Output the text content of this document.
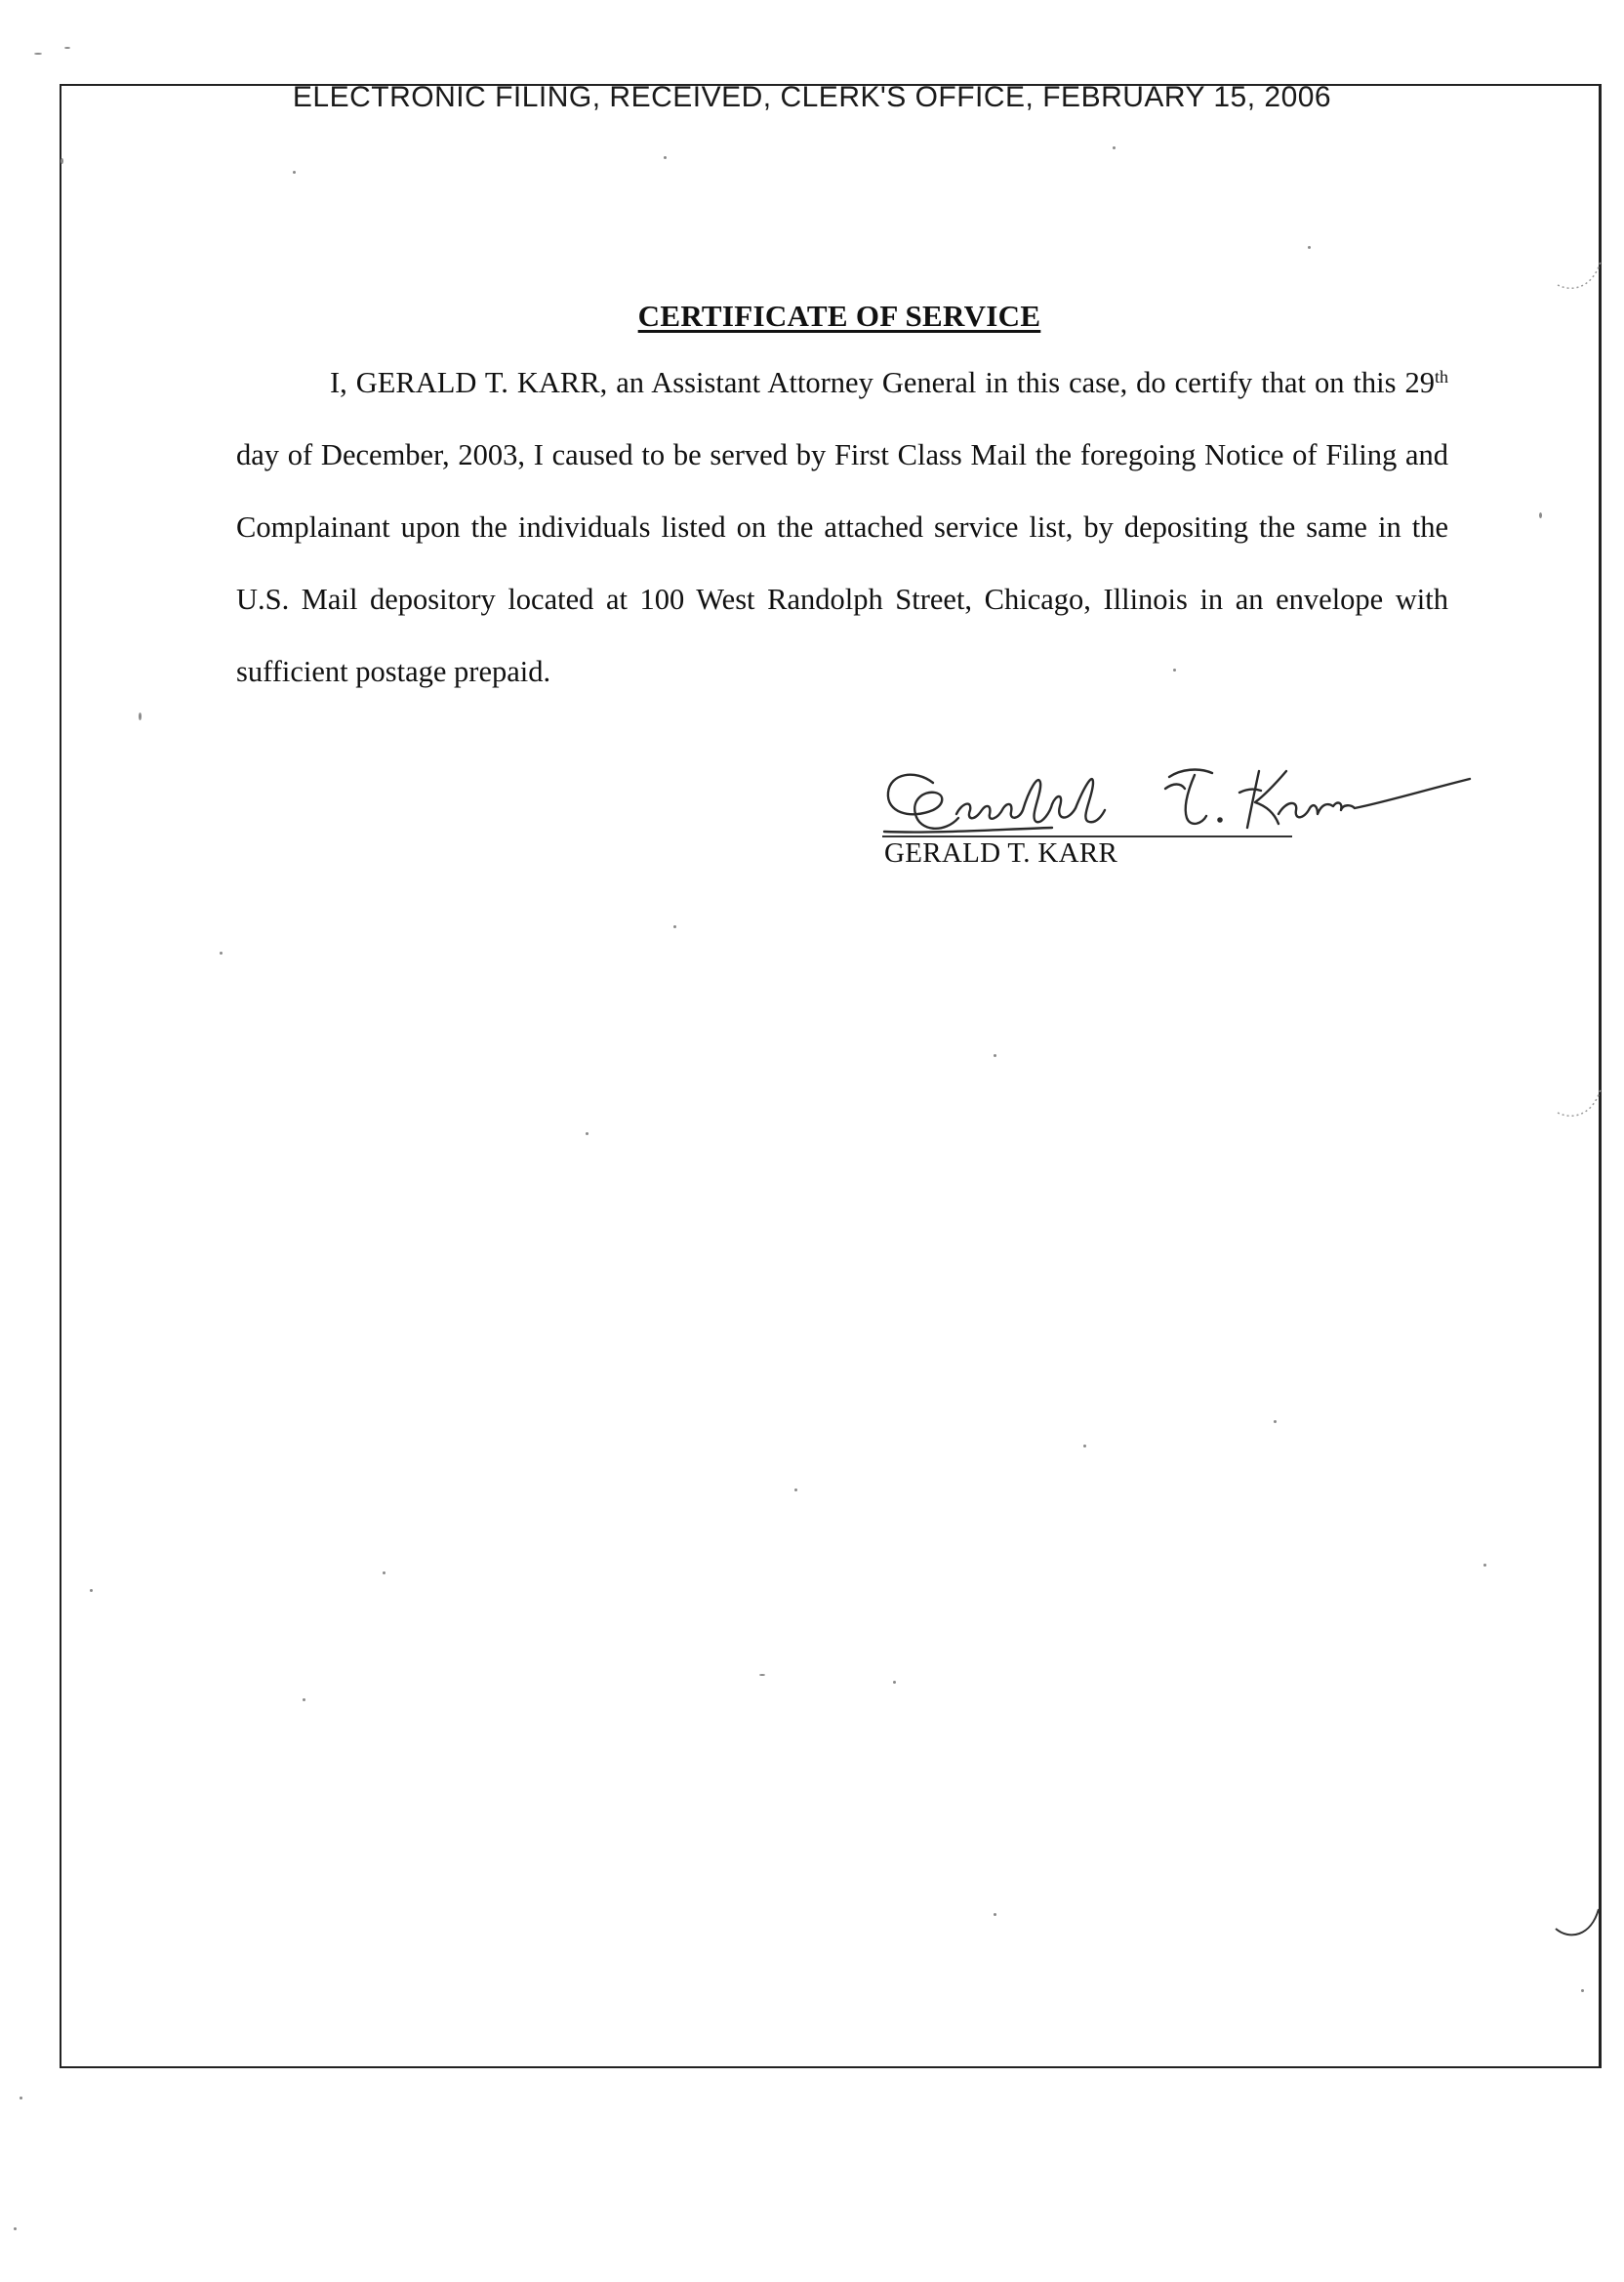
ELECTRONIC FILING, RECEIVED, CLERK'S OFFICE, FEBRUARY 15, 2006
CERTIFICATE OF SERVICE
I, GERALD T. KARR, an Assistant Attorney General in this case, do certify that on this 29th
day of December, 2003, I caused to be served by First Class Mail the foregoing Notice of Filing and
Complainant upon the individuals listed on the attached service list, by depositing the same in the
U.S. Mail depository located at 100 West Randolph Street, Chicago, Illinois in an envelope with
sufficient postage prepaid.
GERALD T. KARR
